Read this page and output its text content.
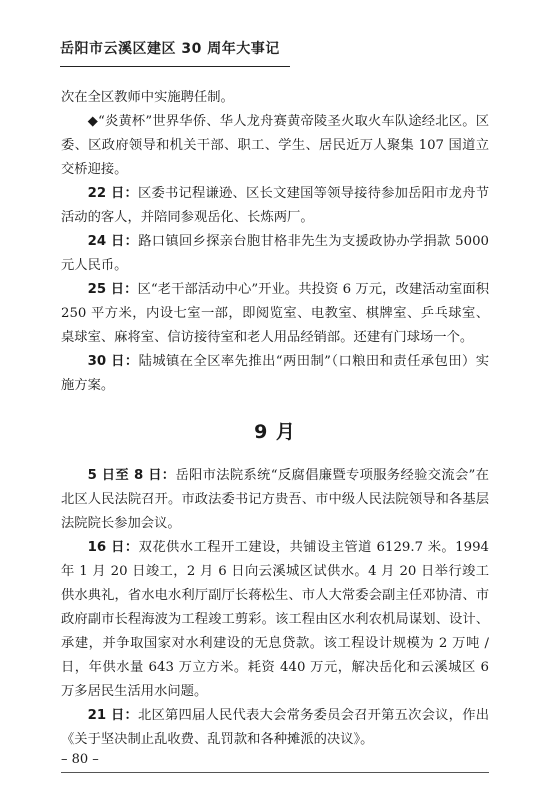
岳阳市云溪区建区 30 周年大事记

次在全区教师中实施聘任制。

◆“炎黄杯”世界华侨、华人龙舟赛黄帝陵圣火取火车队途经北区。区委、区政府领导和机关干部、职工、学生、居民近万人聚集 107 国道立交桥迎接。

22 日：区委书记程谦逊、区长文建国等领导接待参加岳阳市龙舟节活动的客人，并陪同参观岳化、长炼两厂。

24 日：路口镇回乡探亲台胞甘格非先生为支援政协办学捐款 5000 元人民币。

25 日：区“老干部活动中心”开业。共投资 6 万元，改建活动室面积 250 平方米，内设七室一部，即阅览室、电教室、棋牌室、乒乓球室、桌球室、麻将室、信访接待室和老人用品经销部。还建有门球场一个。

30 日：陆城镇在全区率先推出“两田制”（口粮田和责任承包田）实施方案。

9 月

5 日至 8 日：岳阳市法院系统“反腐倡廉暨专项服务经验交流会”在北区人民法院召开。市政法委书记方贵吾、市中级人民法院领导和各基层法院院长参加会议。

16 日：双花供水工程开工建设，共铺设主管道 6129.7 米。1994 年 1 月 20 日竣工，2 月 6 日向云溪城区试供水。4 月 20 日举行竣工供水典礼，省水电水利厅副厅长蒋松生、市人大常委会副主任邓协清、市政府副市长程海波为工程竣工剪彩。该工程由区水利农机局谋划、设计、承建，并争取国家对水利建设的无息贷款。该工程设计规模为 2 万吨 / 日，年供水量 643 万立方米。耗资 440 万元，解决岳化和云溪城区 6 万多居民生活用水问题。

21 日：北区第四届人民代表大会常务委员会召开第五次会议，作出《关于坚决制止乱收费、乱罚款和各种摊派的决议》。

– 80 –
